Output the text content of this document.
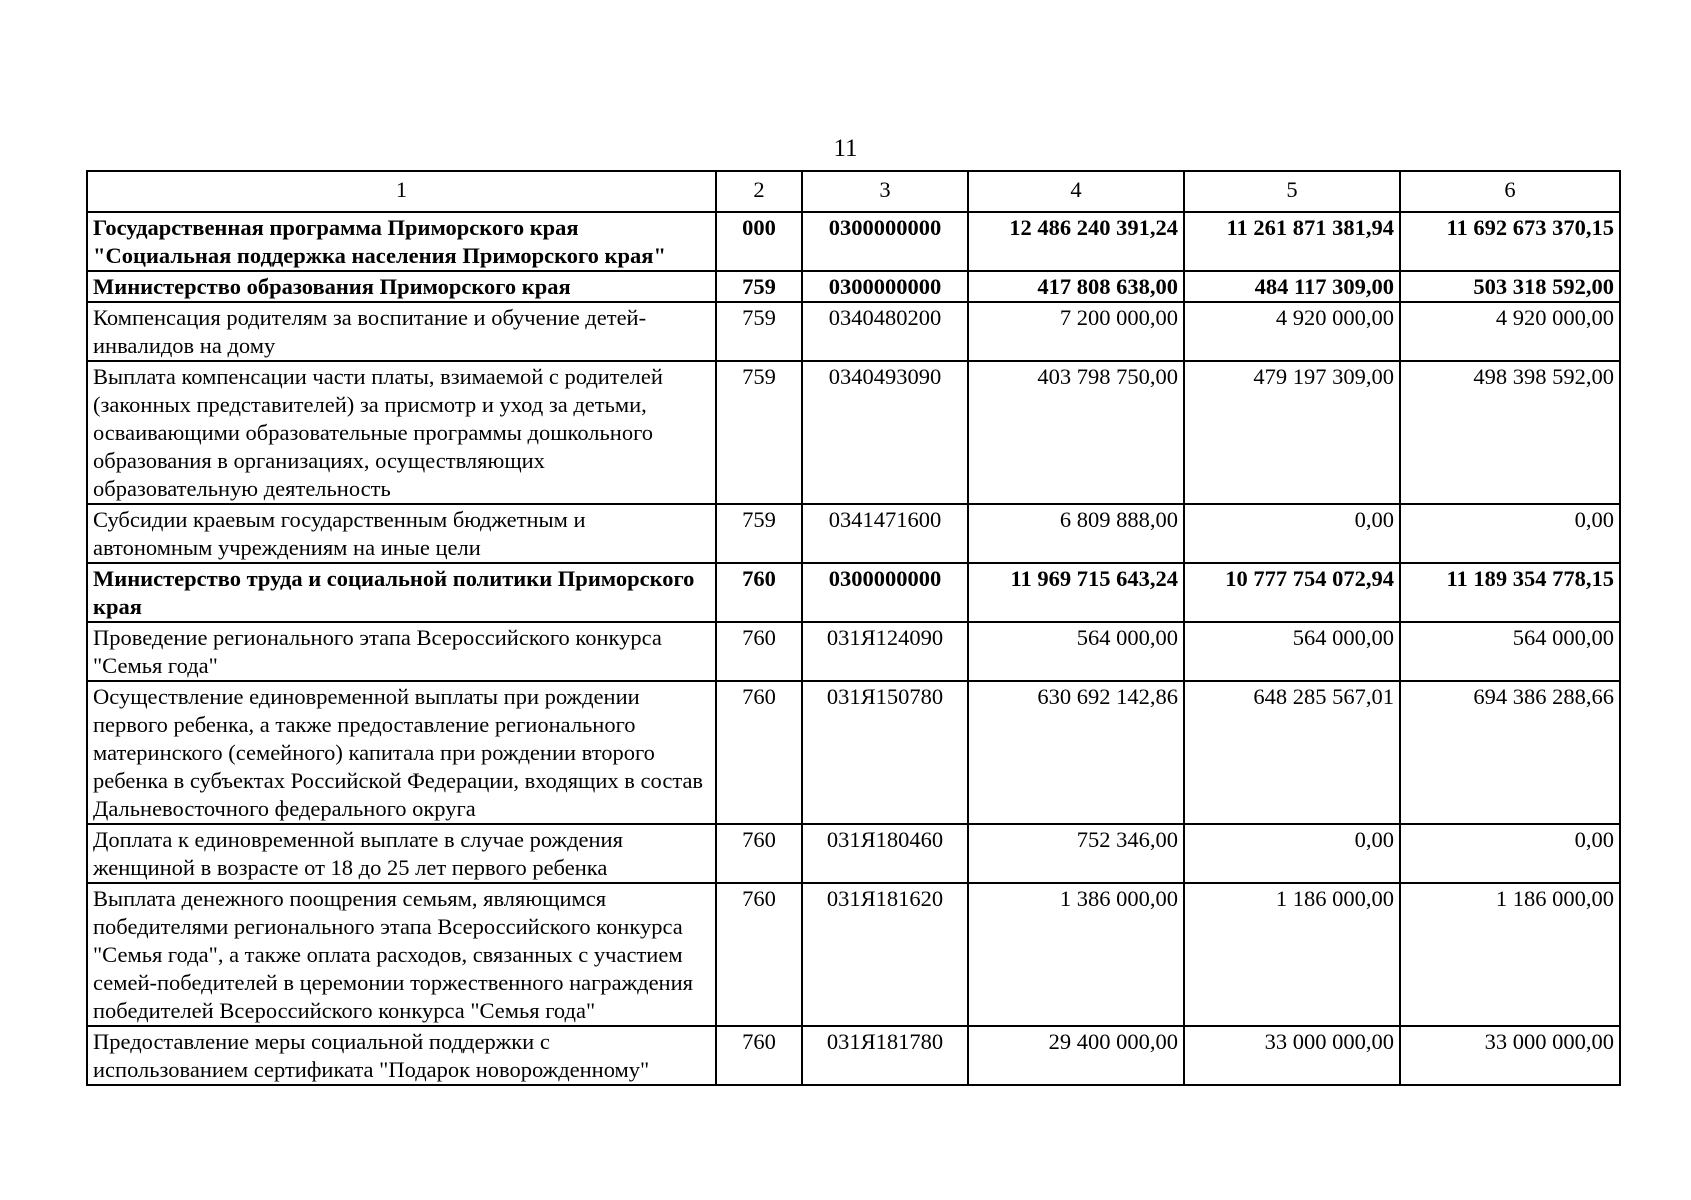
11
1	2	3	4	5	6
Государственная программа Приморского края "Социальная поддержка населения Приморского края"	000	0300000000	12 486 240 391,24	11 261 871 381,94	11 692 673 370,15
Министерство образования Приморского края	759	0300000000	417 808 638,00	484 117 309,00	503 318 592,00
Компенсация родителям за воспитание и обучение детей-инвалидов на дому	759	0340480200	7 200 000,00	4 920 000,00	4 920 000,00
Выплата компенсации части платы, взимаемой с родителей (законных представителей) за присмотр и уход за детьми, осваивающими образовательные программы дошкольного образования в организациях, осуществляющих образовательную деятельность	759	0340493090	403 798 750,00	479 197 309,00	498 398 592,00
Субсидии краевым государственным бюджетным и автономным учреждениям на иные цели	759	0341471600	6 809 888,00	0,00	0,00
Министерство труда и социальной политики Приморского края	760	0300000000	11 969 715 643,24	10 777 754 072,94	11 189 354 778,15
Проведение регионального этапа Всероссийского конкурса "Семья года"	760	031Я124090	564 000,00	564 000,00	564 000,00
Осуществление единовременной выплаты при рождении первого ребенка, а также предоставление регионального материнского (семейного) капитала при рождении второго ребенка в субъектах Российской Федерации, входящих в состав Дальневосточного федерального округа	760	031Я150780	630 692 142,86	648 285 567,01	694 386 288,66
Доплата к единовременной выплате в случае рождения женщиной в возрасте от 18 до 25 лет первого ребенка	760	031Я180460	752 346,00	0,00	0,00
Выплата денежного поощрения семьям, являющимся победителями регионального этапа Всероссийского конкурса "Семья года", а также оплата расходов, связанных с участием семей-победителей в церемонии торжественного награждения победителей Всероссийского конкурса "Семья года"	760	031Я181620	1 386 000,00	1 186 000,00	1 186 000,00
Предоставление меры социальной поддержки с использованием сертификата "Подарок новорожденному"	760	031Я181780	29 400 000,00	33 000 000,00	33 000 000,00
